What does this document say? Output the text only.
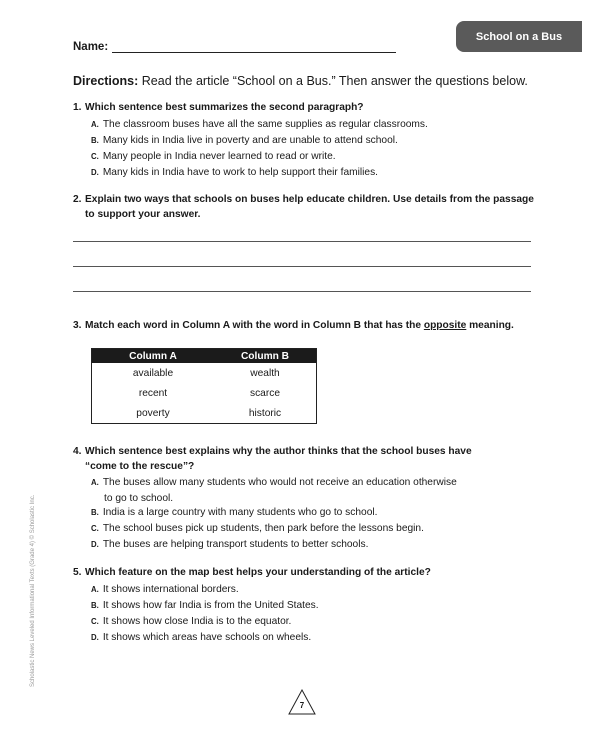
School on a Bus
Name:
Directions: Read the article “School on a Bus.” Then answer the questions below.
1. Which sentence best summarizes the second paragraph?
A. The classroom buses have all the same supplies as regular classrooms.
B. Many kids in India live in poverty and are unable to attend school.
C. Many people in India never learned to read or write.
D. Many kids in India have to work to help support their families.
2. Explain two ways that schools on buses help educate children. Use details from the passage
to support your answer.
3. Match each word in Column A with the word in Column B that has the opposite meaning.
Column A	Column B
available	wealth
recent	scarce
poverty	historic
4. Which sentence best explains why the author thinks that the school buses have
“come to the rescue”?
A. The buses allow many students who would not receive an education otherwise
to go to school.
B. India is a large country with many students who go to school.
C. The school buses pick up students, then park before the lessons begin.
D. The buses are helping transport students to better schools.
5. Which feature on the map best helps your understanding of the article?
A. It shows international borders.
B. It shows how far India is from the United States.
C. It shows how close India is to the equator.
D. It shows which areas have schools on wheels.
Scholastic News Leveled Informational Texts (Grade 4) © Scholastic Inc.
7
